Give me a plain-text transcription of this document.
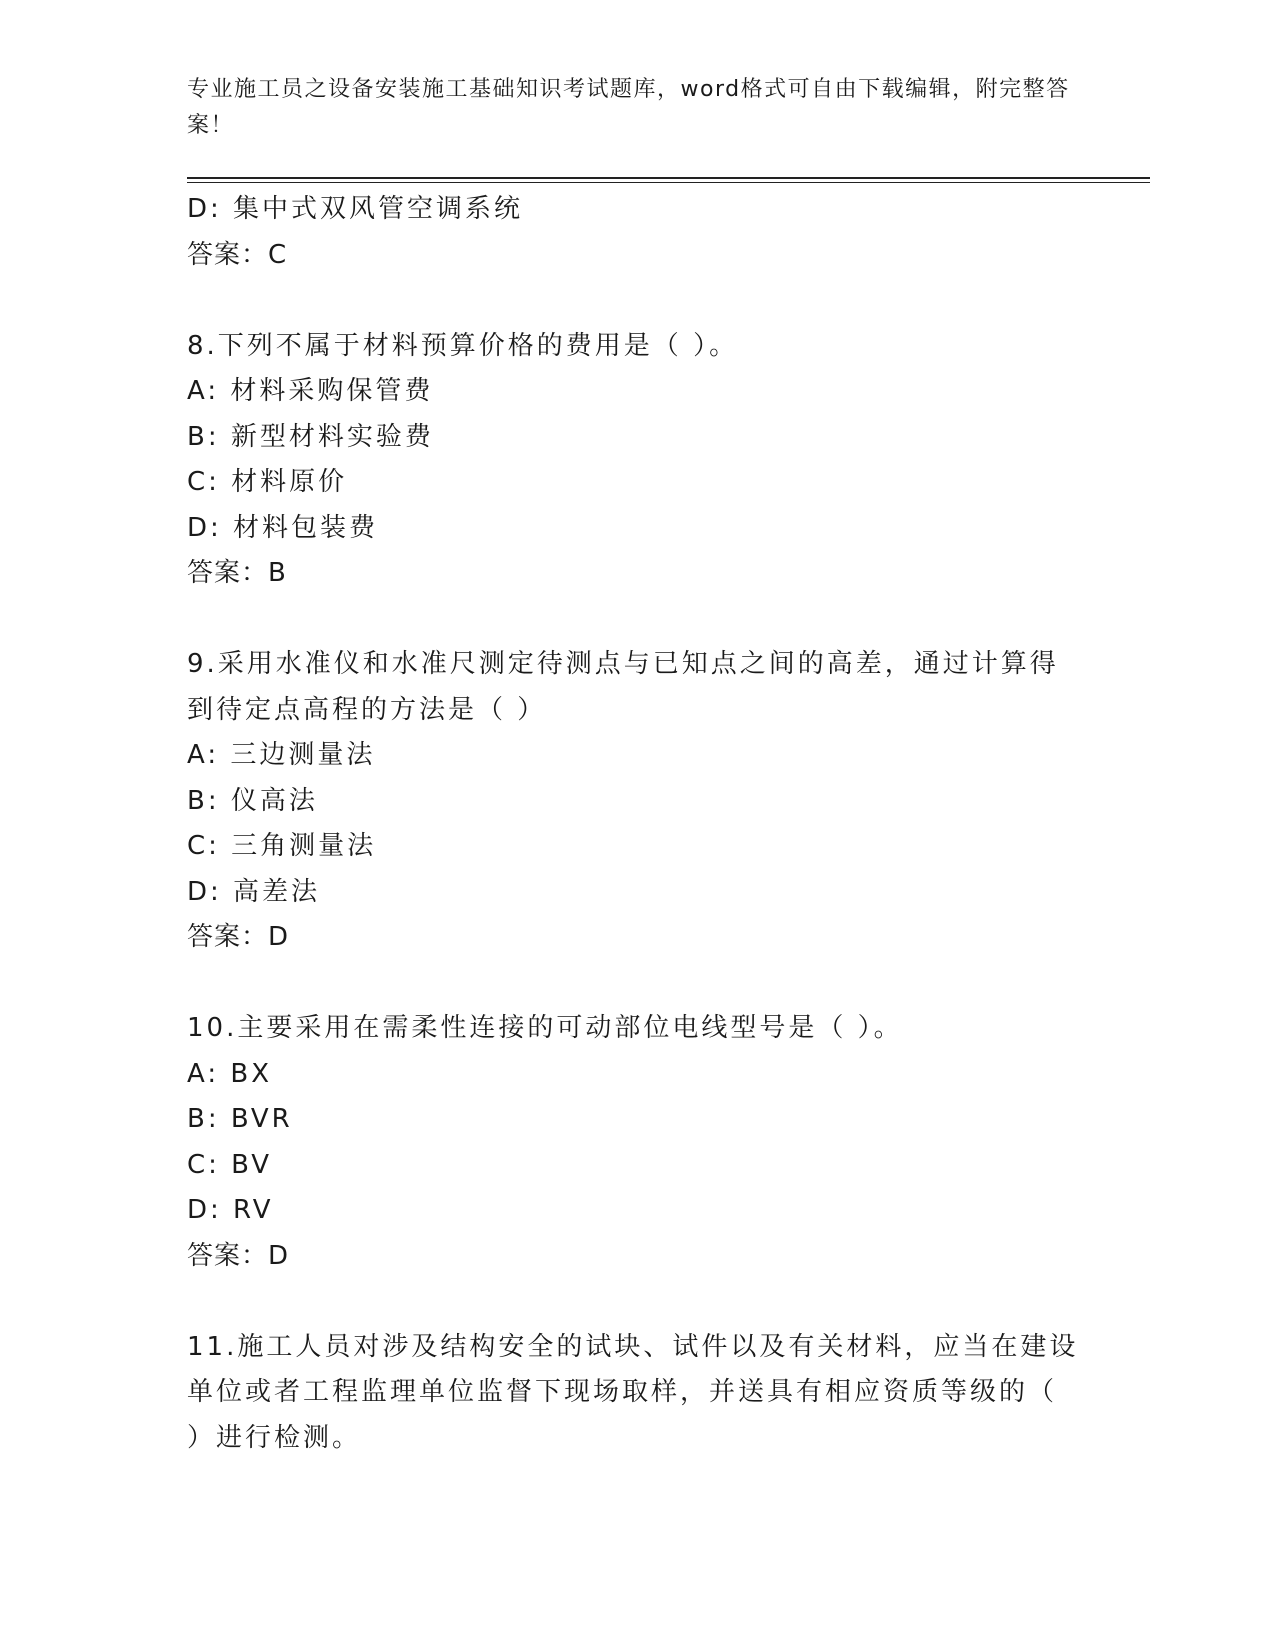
专业施工员之设备安装施工基础知识考试题库，word格式可自由下载编辑，附完整答案！
D: 集中式双风管空调系统
答案：C
8.下列不属于材料预算价格的费用是（ ）。
A: 材料采购保管费
B: 新型材料实验费
C: 材料原价
D: 材料包装费
答案：B
9.采用水准仪和水准尺测定待测点与已知点之间的高差，通过计算得
到待定点高程的方法是（ ）
A: 三边测量法
B: 仪高法
C: 三角测量法
D: 高差法
答案：D
10.主要采用在需柔性连接的可动部位电线型号是（ ）。
A: BX
B: BVR
C: BV
D: RV
答案：D
11.施工人员对涉及结构安全的试块、试件以及有关材料，应当在建设
单位或者工程监理单位监督下现场取样，并送具有相应资质等级的（
）进行检测。
